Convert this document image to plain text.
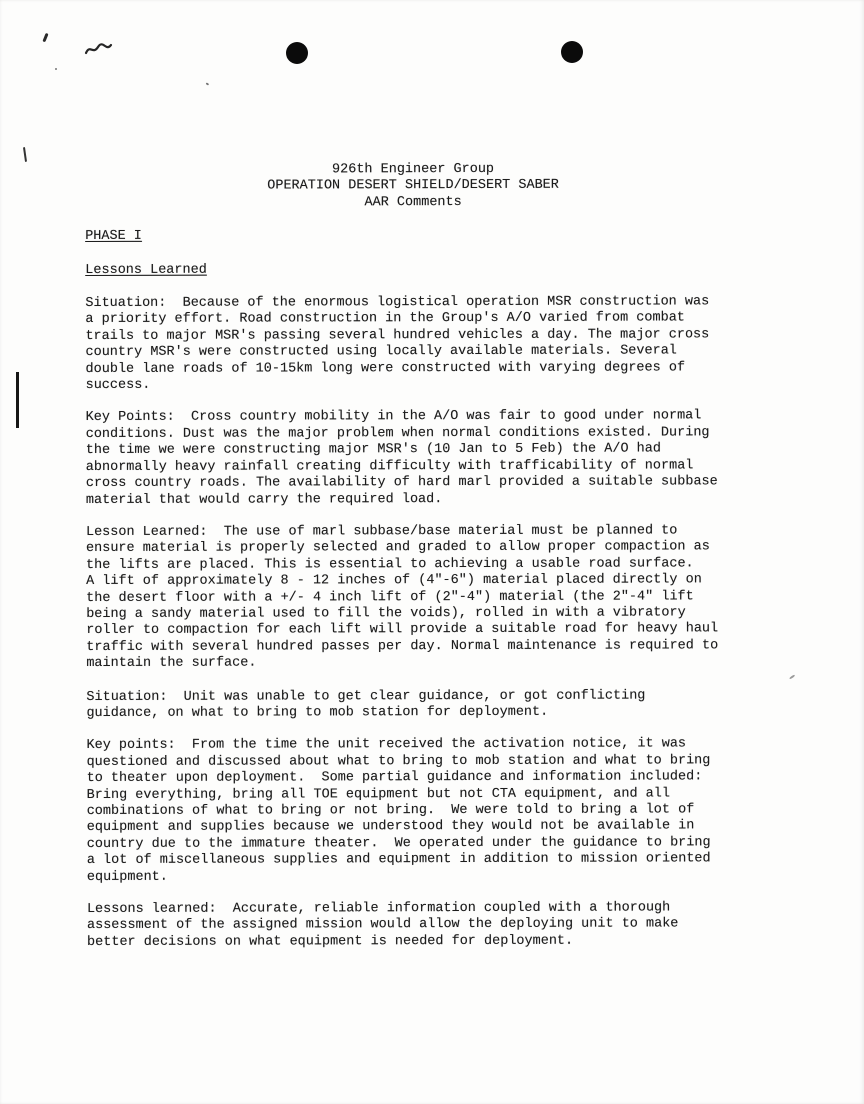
926th Engineer Group
OPERATION DESERT SHIELD/DESERT SABER
AAR Comments
PHASE I
Lessons Learned
Situation:  Because of the enormous logistical operation MSR construction was
a priority effort. Road construction in the Group's A/O varied from combat
trails to major MSR's passing several hundred vehicles a day. The major cross
country MSR's were constructed using locally available materials. Several
double lane roads of 10-15km long were constructed with varying degrees of
success.
Key Points:  Cross country mobility in the A/O was fair to good under normal
conditions. Dust was the major problem when normal conditions existed. During
the time we were constructing major MSR's (10 Jan to 5 Feb) the A/O had
abnormally heavy rainfall creating difficulty with trafficability of normal
cross country roads. The availability of hard marl provided a suitable subbase
material that would carry the required load.
Lesson Learned:  The use of marl subbase/base material must be planned to
ensure material is properly selected and graded to allow proper compaction as
the lifts are placed. This is essential to achieving a usable road surface.
A lift of approximately 8 - 12 inches of (4"-6") material placed directly on
the desert floor with a +/- 4 inch lift of (2"-4") material (the 2"-4" lift
being a sandy material used to fill the voids), rolled in with a vibratory
roller to compaction for each lift will provide a suitable road for heavy haul
traffic with several hundred passes per day. Normal maintenance is required to
maintain the surface.
Situation:  Unit was unable to get clear guidance, or got conflicting
guidance, on what to bring to mob station for deployment.
Key points:  From the time the unit received the activation notice, it was
questioned and discussed about what to bring to mob station and what to bring
to theater upon deployment.  Some partial guidance and information included:
Bring everything, bring all TOE equipment but not CTA equipment, and all
combinations of what to bring or not bring.  We were told to bring a lot of
equipment and supplies because we understood they would not be available in
country due to the immature theater.  We operated under the guidance to bring
a lot of miscellaneous supplies and equipment in addition to mission oriented
equipment.
Lessons learned:  Accurate, reliable information coupled with a thorough
assessment of the assigned mission would allow the deploying unit to make
better decisions on what equipment is needed for deployment.
